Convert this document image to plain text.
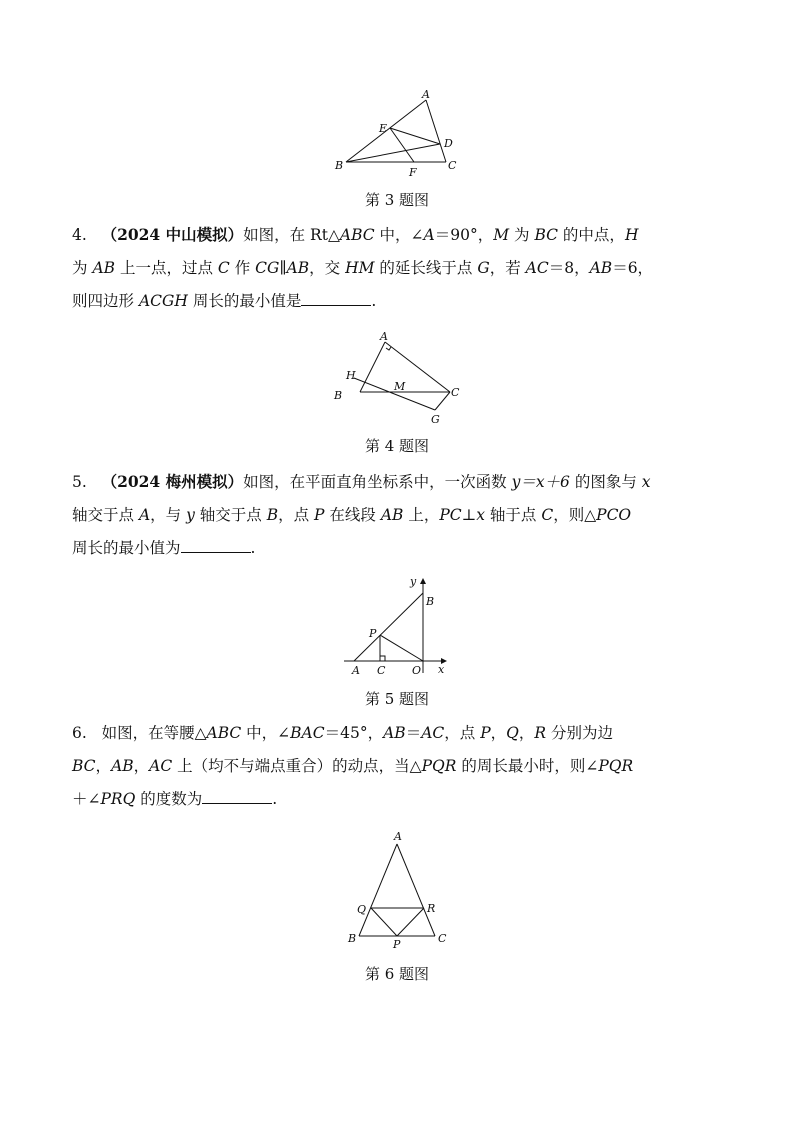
A
B	C
D
E
F
第 3 题图

4. （2024 中山模拟）如图，在 Rt△ABC 中，∠A＝90°，M 为 BC 的中点，H
为 AB 上一点，过点 C 作 CG∥AB，交 HM 的延长线于点 G，若 AC＝8，AB＝6，
则四边形 ACGH 周长的最小值是	.

A
B	C
H
M
G
第 4 题图

5. （2024 梅州模拟）如图，在平面直角坐标系中，一次函数 y＝x＋6 的图象与 x
轴交于点 A，与 y 轴交于点 B，点 P 在线段 AB 上，PC⊥x 轴于点 C，则△PCO
周长的最小值为	.

y
x
B
P
A C O
第 5 题图

6. 如图，在等腰△ABC 中，∠BAC＝45°，AB＝AC，点 P，Q，R 分别为边
BC，AB，AC 上（均不与端点重合）的动点，当△PQR 的周长最小时，则∠PQR
＋∠PRQ 的度数为	.

A
Q	R
B	P	C
第 6 题图
